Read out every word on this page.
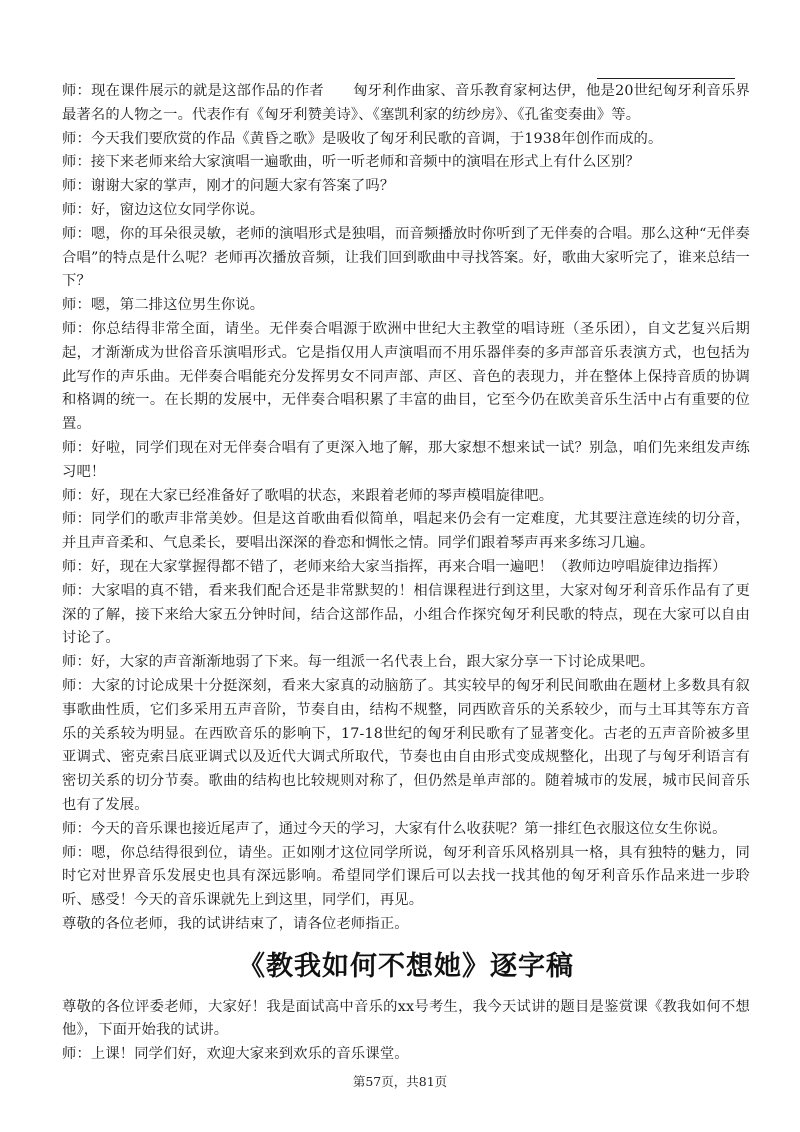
师：现在课件展示的就是这部作品的作者　　匈牙利作曲家、音乐教育家柯达伊，他是20世纪匈牙利音乐界最著名的人物之一。代表作有《匈牙利赞美诗》、《塞凯利家的纺纱房》、《孔雀变奏曲》等。

师：今天我们要欣赏的作品《黄昏之歌》是吸收了匈牙利民歌的音调，于1938年创作而成的。

师：接下来老师来给大家演唱一遍歌曲，听一听老师和音频中的演唱在形式上有什么区别？

师：谢谢大家的掌声，刚才的问题大家有答案了吗？

师：好，窗边这位女同学你说。

师：嗯，你的耳朵很灵敏，老师的演唱形式是独唱，而音频播放时你听到了无伴奏的合唱。那么这种“无伴奏合唱”的特点是什么呢？老师再次播放音频，让我们回到歌曲中寻找答案。好，歌曲大家听完了，谁来总结一下？

师：嗯，第二排这位男生你说。

师：你总结得非常全面，请坐。无伴奏合唱源于欧洲中世纪大主教堂的唱诗班（圣乐团），自文艺复兴后期起，才渐渐成为世俗音乐演唱形式。它是指仅用人声演唱而不用乐器伴奏的多声部音乐表演方式，也包括为此写作的声乐曲。无伴奏合唱能充分发挥男女不同声部、声区、音色的表现力，并在整体上保持音质的协调和格调的统一。在长期的发展中，无伴奏合唱积累了丰富的曲目，它至今仍在欧美音乐生活中占有重要的位置。

师：好啦，同学们现在对无伴奏合唱有了更深入地了解，那大家想不想来试一试？别急，咱们先来组发声练习吧！

师：好，现在大家已经准备好了歌唱的状态，来跟着老师的琴声模唱旋律吧。

师：同学们的歌声非常美妙。但是这首歌曲看似简单，唱起来仍会有一定难度，尤其要注意连续的切分音，并且声音柔和、气息柔长，要唱出深深的眷恋和惆怅之情。同学们跟着琴声再来多练习几遍。

师：好，现在大家掌握得都不错了，老师来给大家当指挥，再来合唱一遍吧！（教师边哼唱旋律边指挥）

师：大家唱的真不错，看来我们配合还是非常默契的！相信课程进行到这里，大家对匈牙利音乐作品有了更深的了解，接下来给大家五分钟时间，结合这部作品，小组合作探究匈牙利民歌的特点，现在大家可以自由讨论了。

师：好，大家的声音渐渐地弱了下来。每一组派一名代表上台，跟大家分享一下讨论成果吧。

师：大家的讨论成果十分挺深刻，看来大家真的动脑筋了。其实较早的匈牙利民间歌曲在题材上多数具有叙事歌曲性质，它们多采用五声音阶，节奏自由，结构不规整，同西欧音乐的关系较少，而与土耳其等东方音乐的关系较为明显。在西欧音乐的影响下，17-18世纪的匈牙利民歌有了显著变化。古老的五声音阶被多里亚调式、密克索吕底亚调式以及近代大调式所取代，节奏也由自由形式变成规整化，出现了与匈牙利语言有密切关系的切分节奏。歌曲的结构也比较规则对称了，但仍然是单声部的。随着城市的发展，城市民间音乐也有了发展。

师：今天的音乐课也接近尾声了，通过今天的学习，大家有什么收获呢？第一排红色衣服这位女生你说。

师：嗯，你总结得很到位，请坐。正如刚才这位同学所说，匈牙利音乐风格别具一格，具有独特的魅力，同时它对世界音乐发展史也具有深远影响。希望同学们课后可以去找一找其他的匈牙利音乐作品来进一步聆听、感受！今天的音乐课就先上到这里，同学们，再见。

尊敬的各位老师，我的试讲结束了，请各位老师指正。

《教我如何不想她》逐字稿

尊敬的各位评委老师，大家好！我是面试高中音乐的xx号考生，我今天试讲的题目是鉴赏课《教我如何不想他》，下面开始我的试讲。

师：上课！同学们好，欢迎大家来到欢乐的音乐课堂。

第57页，共81页
